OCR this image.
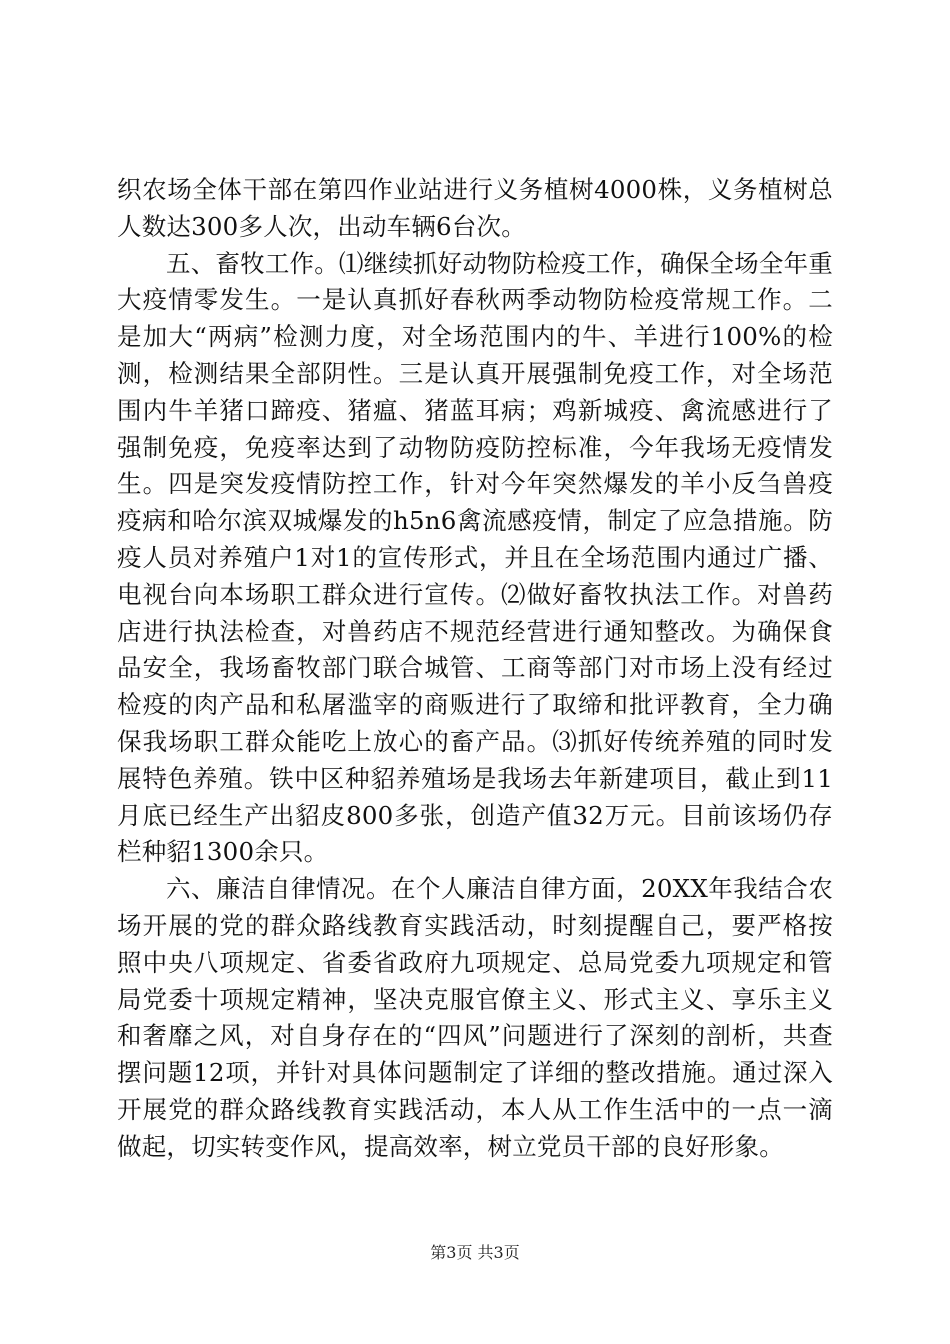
织农场全体干部在第四作业站进行义务植树4000株，义务植树总人数达300多人次，出动车辆6台次。

五、畜牧工作。⑴继续抓好动物防检疫工作，确保全场全年重大疫情零发生。一是认真抓好春秋两季动物防检疫常规工作。二是加大“两病”检测力度，对全场范围内的牛、羊进行100%的检测，检测结果全部阴性。三是认真开展强制免疫工作，对全场范围内牛羊猪口蹄疫、猪瘟、猪蓝耳病；鸡新城疫、禽流感进行了强制免疫，免疫率达到了动物防疫防控标准，今年我场无疫情发生。四是突发疫情防控工作，针对今年突然爆发的羊小反刍兽疫疫病和哈尔滨双城爆发的h5n6禽流感疫情，制定了应急措施。防疫人员对养殖户1对1的宣传形式，并且在全场范围内通过广播、电视台向本场职工群众进行宣传。⑵做好畜牧执法工作。对兽药店进行执法检查，对兽药店不规范经营进行通知整改。为确保食品安全，我场畜牧部门联合城管、工商等部门对市场上没有经过检疫的肉产品和私屠滥宰的商贩进行了取缔和批评教育，全力确保我场职工群众能吃上放心的畜产品。⑶抓好传统养殖的同时发展特色养殖。铁中区种貂养殖场是我场去年新建项目，截止到11月底已经生产出貂皮800多张，创造产值32万元。目前该场仍存栏种貂1300余只。

六、廉洁自律情况。在个人廉洁自律方面，20XX年我结合农场开展的党的群众路线教育实践活动，时刻提醒自己，要严格按照中央八项规定、省委省政府九项规定、总局党委九项规定和管局党委十项规定精神，坚决克服官僚主义、形式主义、享乐主义和奢靡之风，对自身存在的“四风”问题进行了深刻的剖析，共查摆问题12项，并针对具体问题制定了详细的整改措施。通过深入开展党的群众路线教育实践活动，本人从工作生活中的一点一滴做起，切实转变作风，提高效率，树立党员干部的良好形象。

第3页 共3页
